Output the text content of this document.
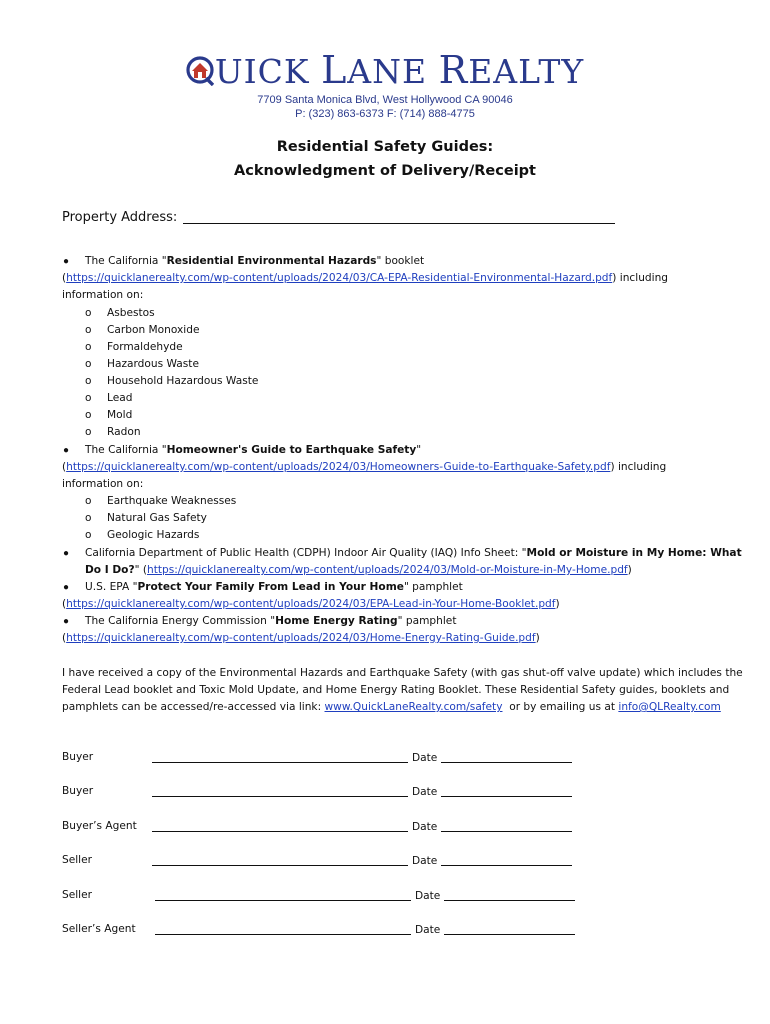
UICK LANE REALTY
7709 Santa Monica Blvd, West Hollywood CA 90046
P: (323) 863-6373 F: (714) 888-4775
Residential Safety Guides:
Acknowledgment of Delivery/Receipt
Property Address:
● The California "Residential Environmental Hazards" booklet
(https://quicklanerealty.com/wp-content/uploads/2024/03/CA-EPA-Residential-Environmental-Hazard.pdf) including
information on:
o Asbestos
o Carbon Monoxide
o Formaldehyde
o Hazardous Waste
o Household Hazardous Waste
o Lead
o Mold
o Radon
● The California "Homeowner's Guide to Earthquake Safety"
(https://quicklanerealty.com/wp-content/uploads/2024/03/Homeowners-Guide-to-Earthquake-Safety.pdf) including
information on:
o Earthquake Weaknesses
o Natural Gas Safety
o Geologic Hazards
● California Department of Public Health (CDPH) Indoor Air Quality (IAQ) Info Sheet: "Mold or Moisture in My Home: What
Do I Do?" (https://quicklanerealty.com/wp-content/uploads/2024/03/Mold-or-Moisture-in-My-Home.pdf)
● U.S. EPA "Protect Your Family From Lead in Your Home" pamphlet
(https://quicklanerealty.com/wp-content/uploads/2024/03/EPA-Lead-in-Your-Home-Booklet.pdf)
● The California Energy Commission "Home Energy Rating" pamphlet
(https://quicklanerealty.com/wp-content/uploads/2024/03/Home-Energy-Rating-Guide.pdf)
I have received a copy of the Environmental Hazards and Earthquake Safety (with gas shut-off valve update) which includes the
Federal Lead booklet and Toxic Mold Update, and Home Energy Rating Booklet. These Residential Safety guides, booklets and
pamphlets can be accessed/re-accessed via link: www.QuickLaneRealty.com/safety  or by emailing us at info@QLRealty.com
Buyer	Date
Buyer	Date
Buyer’s Agent	Date
Seller	Date
Seller	Date
Seller’s Agent	Date
